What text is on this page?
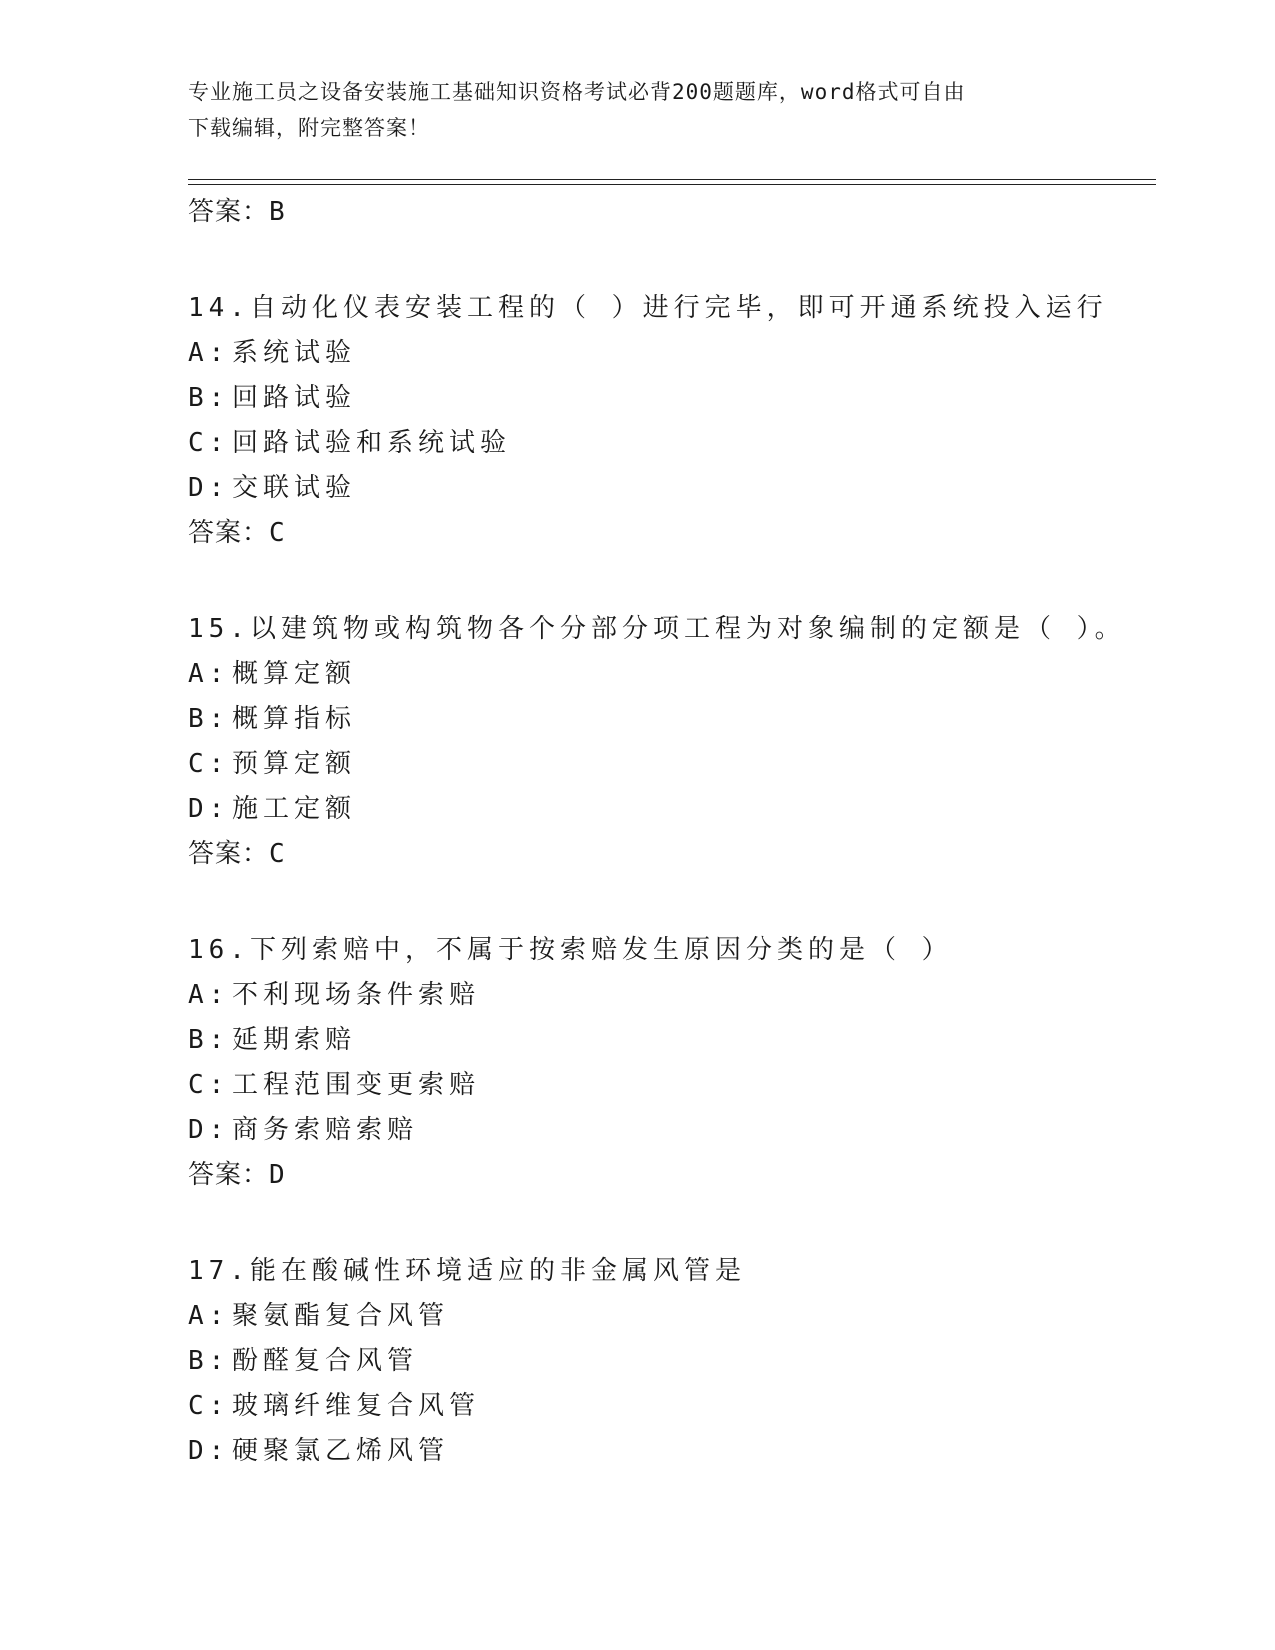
专业施工员之设备安装施工基础知识资格考试必背200题题库，word格式可自由
下载编辑，附完整答案！
答案：B
14.自动化仪表安装工程的（ ）进行完毕，即可开通系统投入运行
A: 系统试验
B: 回路试验
C: 回路试验和系统试验
D: 交联试验
答案：C
15.以建筑物或构筑物各个分部分项工程为对象编制的定额是（ ）。
A: 概算定额
B: 概算指标
C: 预算定额
D: 施工定额
答案：C
16.下列索赔中，不属于按索赔发生原因分类的是（ ）
A: 不利现场条件索赔
B: 延期索赔
C: 工程范围变更索赔
D: 商务索赔索赔
答案：D
17.能在酸碱性环境适应的非金属风管是
A: 聚氨酯复合风管
B: 酚醛复合风管
C: 玻璃纤维复合风管
D: 硬聚氯乙烯风管
